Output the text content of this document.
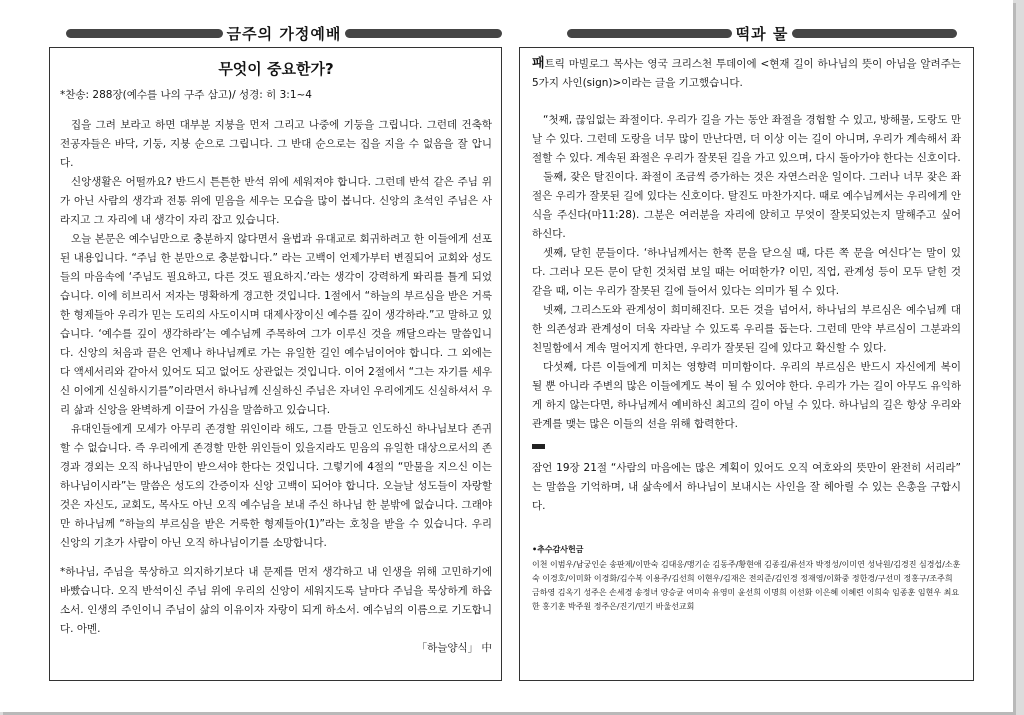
금주의 가정예배	떡과 물
무엇이 중요한가?
*찬송: 288장(예수를 나의 구주 삼고)/ 성경: 히 3:1~4

집을 그려 보라고 하면 대부분 지붕을 먼저 그리고 나중에 기둥을 그립니다. 그런데 건축학 전공자들은 바닥, 기둥, 지붕 순으로 그립니다. 그 반대 순으로는 집을 지을 수 없음을 잘 압니다.

신앙생활은 어떨까요? 반드시 튼튼한 반석 위에 세워져야 합니다. 그런데 반석 같은 주님 위가 아닌 사람의 생각과 전통 위에 믿음을 세우는 모습을 많이 봅니다. 신앙의 초석인 주님은 사라지고 그 자리에 내 생각이 자리 잡고 있습니다.

오늘 본문은 예수님만으로 충분하지 않다면서 율법과 유대교로 회귀하려고 한 이들에게 선포된 내용입니다. “주님 한 분만으로 충분합니다.” 라는 고백이 언제가부터 변질되어 교회와 성도들의 마음속에 ‘주님도 필요하고, 다른 것도 필요하지.’라는 생각이 강력하게 똬리를 틀게 되었습니다. 이에 히브리서 저자는 명확하게 경고한 것입니다. 1절에서 “하늘의 부르심을 받은 거룩한 형제들아 우리가 믿는 도리의 사도이시며 대제사장이신 예수를 깊이 생각하라.”고 말하고 있습니다. ‘예수를 깊이 생각하라’는 예수님께 주목하여 그가 이루신 것을 깨달으라는 말씀입니다. 신앙의 처음과 끝은 언제나 하나님께로 가는 유일한 길인 예수님이어야 합니다. 그 외에는 다 액세서리와 같아서 있어도 되고 없어도 상관없는 것입니다. 이어 2절에서 “그는 자기를 세우신 이에게 신실하시기를”이라면서 하나님께 신실하신 주님은 자녀인 우리에게도 신실하셔서 우리 삶과 신앙을 완벽하게 이끌어 가심을 말씀하고 있습니다.

유대인들에게 모세가 아무리 존경할 위인이라 해도, 그를 만들고 인도하신 하나님보다 존귀할 수 없습니다. 즉 우리에게 존경할 만한 위인들이 있을지라도 믿음의 유일한 대상으로서의 존경과 경외는 오직 하나님만이 받으셔야 한다는 것입니다. 그렇기에 4절의 “만물을 지으신 이는 하나님이시라”는 말씀은 성도의 간증이자 신앙 고백이 되어야 합니다. 오늘날 성도들이 자랑할 것은 자신도, 교회도, 목사도 아닌 오직 예수님을 보내 주신 하나님 한 분밖에 없습니다. 그래야만 하나님께 “하늘의 부르심을 받은 거룩한 형제들아(1)”라는 호칭을 받을 수 있습니다. 우리 신앙의 기초가 사람이 아닌 오직 하나님이기를 소망합니다.

*하나님, 주님을 묵상하고 의지하기보다 내 문제를 먼저 생각하고 내 인생을 위해 고민하기에 바빴습니다. 오직 반석이신 주님 위에 우리의 신앙이 세워지도록 날마다 주님을 묵상하게 하옵소서. 인생의 주인이니 주님이 삶의 이유이자 자랑이 되게 하소서. 예수님의 이름으로 기도합니다. 아멘.

「하늘양식」 中

패트릭 마빌로그 목사는 영국 크리스천 투데이에 <현재 길이 하나님의 뜻이 아님을 알려주는 5가지 사인(sign)>이라는 글을 기고했습니다.

“첫째, 끊임없는 좌절이다. 우리가 길을 가는 동안 좌절을 경험할 수 있고, 방해물, 도랑도 만날 수 있다. 그런데 도랑을 너무 많이 만난다면, 더 이상 이는 길이 아니며, 우리가 계속해서 좌절할 수 있다. 계속된 좌절은 우리가 잘못된 길을 가고 있으며, 다시 돌아가야 한다는 신호이다.

둘째, 잦은 탈진이다. 좌절이 조금씩 증가하는 것은 자연스러운 일이다. 그러나 너무 잦은 좌절은 우리가 잘못된 길에 있다는 신호이다. 탈진도 마찬가지다. 때로 예수님께서는 우리에게 안식을 주신다(마11:28). 그분은 여러분을 자리에 앉히고 무엇이 잘못되었는지 말해주고 싶어 하신다.

셋째, 닫힌 문들이다. ‘하나님께서는 한쪽 문을 닫으실 때, 다른 쪽 문을 여신다’는 말이 있다. 그러나 모든 문이 닫힌 것처럼 보일 때는 어떠한가? 이민, 직업, 관계성 등이 모두 닫힌 것 같을 때, 이는 우리가 잘못된 길에 들어서 있다는 의미가 될 수 있다.

넷째, 그리스도와 관계성이 희미해진다. 모든 것을 넘어서, 하나님의 부르심은 예수님께 대한 의존성과 관계성이 더욱 자라날 수 있도록 우리를 돕는다. 그런데 만약 부르심이 그분과의 친밀함에서 계속 멀어지게 한다면, 우리가 잘못된 길에 있다고 확신할 수 있다.

다섯째, 다른 이들에게 미치는 영향력 미미함이다. 우리의 부르심은 반드시 자신에게 복이 될 뿐 아니라 주변의 많은 이들에게도 복이 될 수 있어야 한다. 우리가 가는 길이 아무도 유익하게 하지 않는다면, 하나님께서 예비하신 최고의 길이 아닐 수 있다. 하나님의 길은 항상 우리와 관계를 맺는 많은 이들의 선을 위해 합력한다.

잠언 19장 21절 “사람의 마음에는 많은 계획이 있어도 오직 여호와의 뜻만이 완전히 서리라” 는 말씀을 기억하며, 내 삶속에서 하나님이 보내시는 사인을 잘 헤아릴 수 있는 은총을 구합시다.

•추수감사헌금
이천 이범우/남궁인순 송판제/이만숙 김대응/맹기순 김동주/황현애 김종길/류선자 박정성/이미연 성낙원/김경진 심경섭/소훈숙 이경호/이미화 이경화/김수복 이용주/김선희 이현우/김재은 전의준/김인경 정재영/이화중 정한경/구선미 정홍구/조주희 금하영 김옥기 성주은 손세경 송정녀 양승균 여미숙 유영미 윤선희 이명희 이선화 이은혜 이혜련 이희숙 임종훈 임현우 최요한 홍기훈 박주원 정주은/진기/민기 바울선교회
